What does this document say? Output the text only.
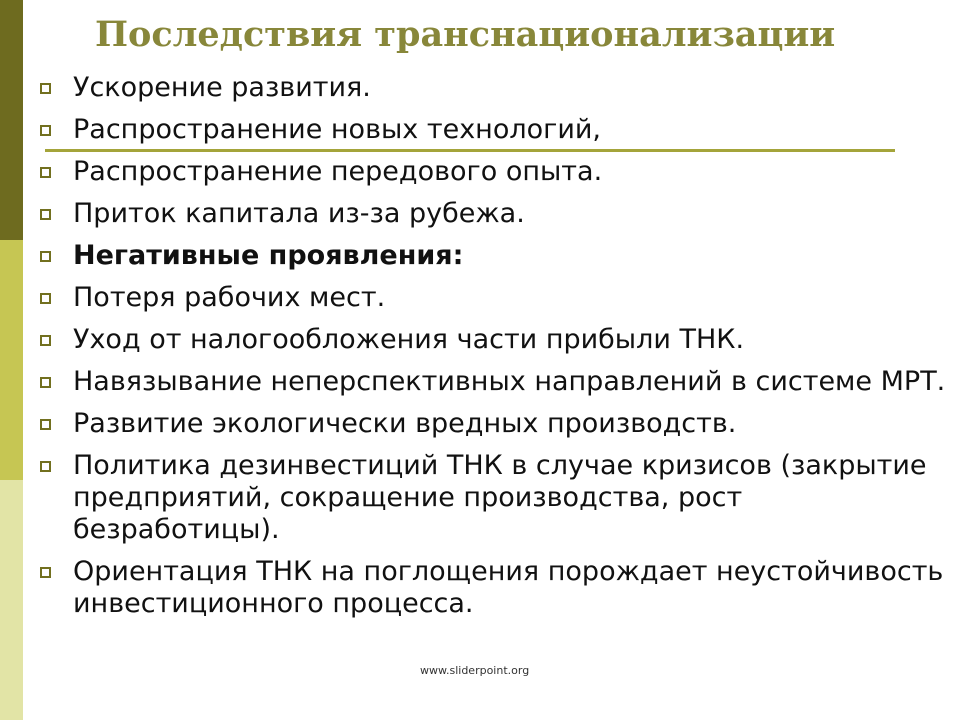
Последствия транснационализации
Ускорение развития.
Распространение новых технологий,
Распространение передового опыта.
Приток капитала из-за рубежа.
Негативные проявления:
Потеря рабочих мест.
Уход от налогообложения части прибыли ТНК.
Навязывание неперспективных направлений в системе МРТ.
Развитие экологически вредных производств.
Политика дезинвестиций ТНК в случае кризисов (закрытие предприятий, сокращение производства, рост безработицы).
Ориентация ТНК на поглощения порождает неустойчивость инвестиционного процесса.
www.sliderpoint.org
